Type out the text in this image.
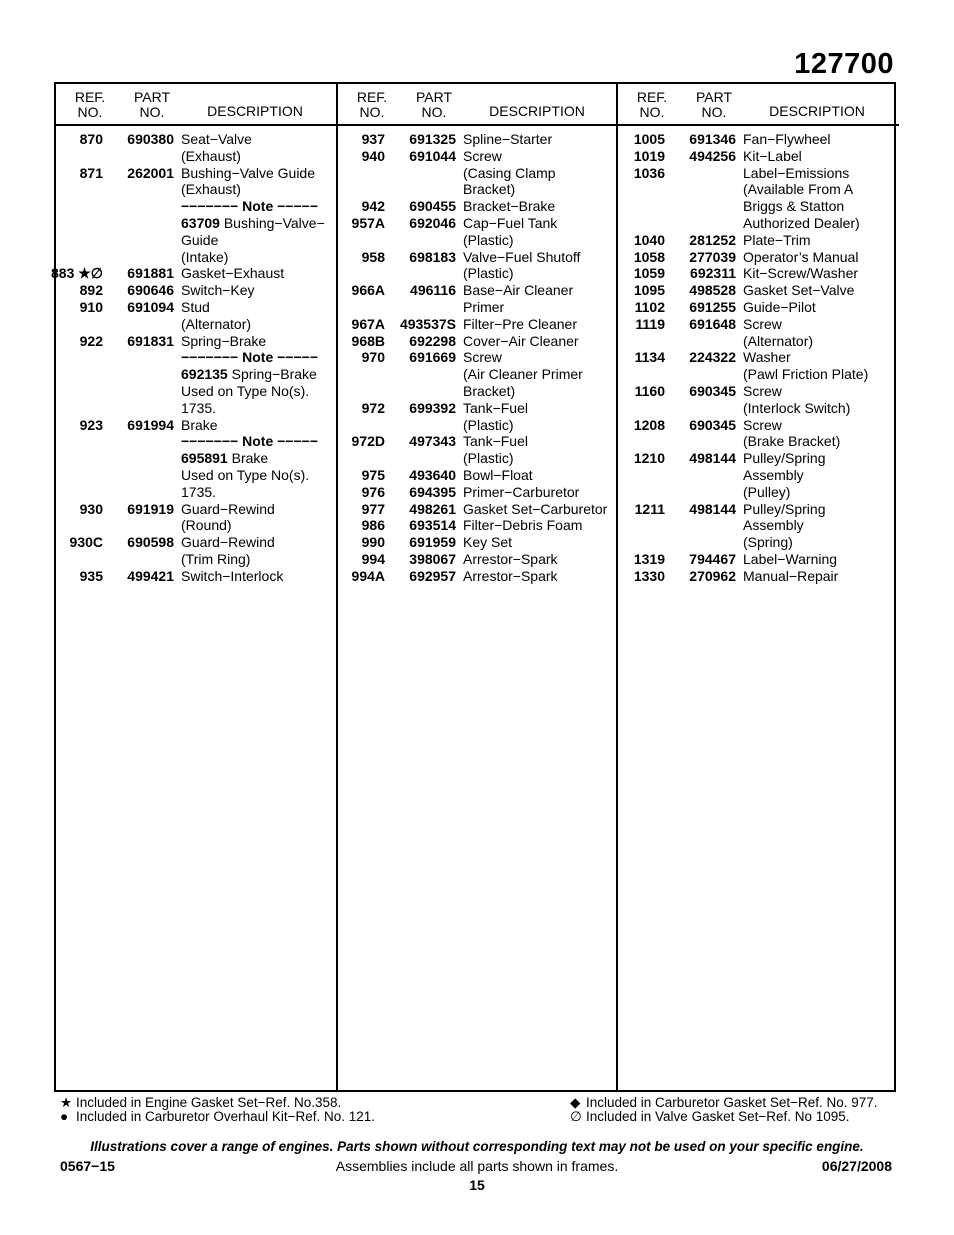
127700
REF. NO.
PART NO.	DESCRIPTION
870 690380 Seat−Valve
(Exhaust)
871 262001 Bushing−Valve Guide
(Exhaust)
−−−−−−− Note −−−−−
63709 Bushing−Valve−
Guide
(Intake)
883 ★∅ 691881 Gasket−Exhaust
892 690646 Switch−Key
910 691094 Stud
(Alternator)
922 691831 Spring−Brake
−−−−−−− Note −−−−−
692135 Spring−Brake
Used on Type No(s).
1735.
923 691994 Brake
−−−−−−− Note −−−−−
695891 Brake
Used on Type No(s).
1735.
930 691919 Guard−Rewind
(Round)
930C 690598 Guard−Rewind
(Trim Ring)
935 499421 Switch−Interlock
REF. NO.
PART NO.	DESCRIPTION
937 691325 Spline−Starter
940 691044 Screw
(Casing Clamp
Bracket)
942 690455 Bracket−Brake
957A 692046 Cap−Fuel Tank
(Plastic)
958 698183 Valve−Fuel Shutoff
(Plastic)
966A 496116 Base−Air Cleaner
Primer
967A 493537S Filter−Pre Cleaner
968B 692298 Cover−Air Cleaner
970 691669 Screw
(Air Cleaner Primer
Bracket)
972 699392 Tank−Fuel
(Plastic)
972D 497343 Tank−Fuel
(Plastic)
975 493640 Bowl−Float
976 694395 Primer−Carburetor
977 498261 Gasket Set−Carburetor
986 693514 Filter−Debris Foam
990 691959 Key Set
994 398067 Arrestor−Spark
994A 692957 Arrestor−Spark
REF. NO.
PART NO.	DESCRIPTION
1005 691346 Fan−Flywheel
1019 494256 Kit−Label
1036	Label−Emissions
(Available From A
Briggs & Statton
Authorized Dealer)
1040 281252 Plate−Trim
1058 277039 Operator’s Manual
1059 692311 Kit−Screw/Washer
1095 498528 Gasket Set−Valve
1102 691255 Guide−Pilot
1119 691648 Screw
(Alternator)
1134 224322 Washer
(Pawl Friction Plate)
1160 690345 Screw
(Interlock Switch)
1208 690345 Screw
(Brake Bracket)
1210 498144 Pulley/Spring
Assembly
(Pulley)
1211 498144 Pulley/Spring
Assembly
(Spring)
1319 794467 Label−Warning
1330 270962 Manual−Repair
★ Included in Engine Gasket Set−Ref. No.358.
● Included in Carburetor Overhaul Kit−Ref. No. 121.
◆ Included in Carburetor Gasket Set−Ref. No. 977.
∅ Included in Valve Gasket Set−Ref. No 1095.
Illustrations cover a range of engines. Parts shown without corresponding text may not be used on your specific engine.
0567−15	Assemblies include all parts shown in frames.	06/27/2008
15
